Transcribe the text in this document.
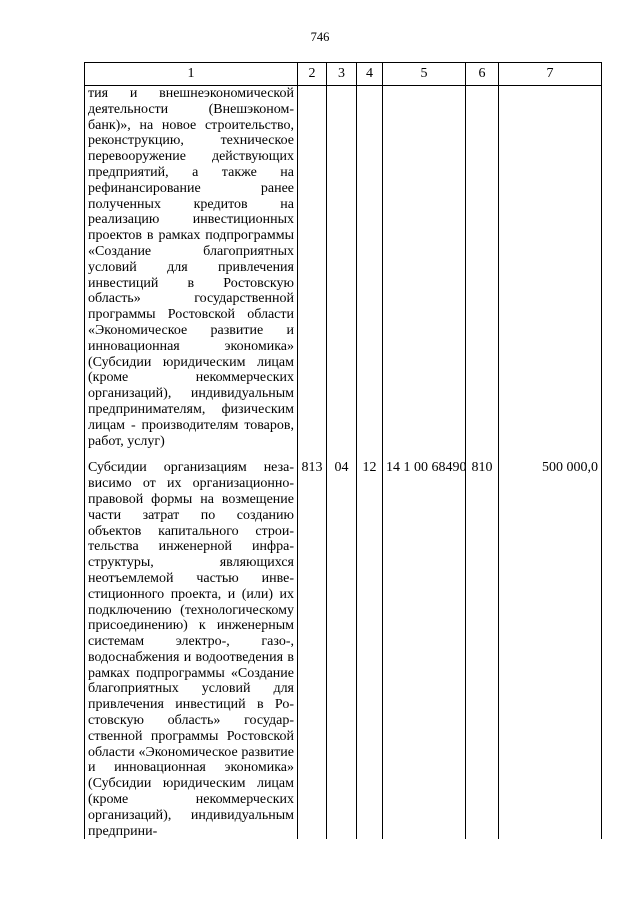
746
1	2	3	4	5	6	7
тия и внешнеэкономической деятельности (Внешэкономбанк)», на новое строительство, реконструкцию, техническое перевооружение действующих предприятий, а также на рефинансирование ранее полученных кредитов на реализацию инвестиционных проектов в рамках подпрограммы «Создание благоприятных условий для привлечения инвестиций в Ростовскую область» государственной программы Ростовской области «Экономическое развитие и инновационная экономика» (Субсидии юридическим лицам (кроме некоммерческих организаций), индивидуальным предпринимателям, физическим лицам - производителям товаров, работ, услуг)						
Субсидии организациям независимо от их организационно-правовой формы на возмещение части затрат по созданию объектов капитального строительства инженерной инфраструктуры, являющихся неотъемлемой частью инвестиционного проекта, и (или) их подключению (технологическому присоединению) к инженерным системам электро-, газо-, водоснабжения и водоотведения в рамках подпрограммы «Создание благоприятных условий для привлечения инвестиций в Ростовскую область» государственной программы Ростовской области «Экономическое развитие и инновационная экономика» (Субсидии юридическим лицам (кроме некоммерческих организаций), индивидуальным предприни-	813	04	12	14 1 00 68490	810	500 000,0
